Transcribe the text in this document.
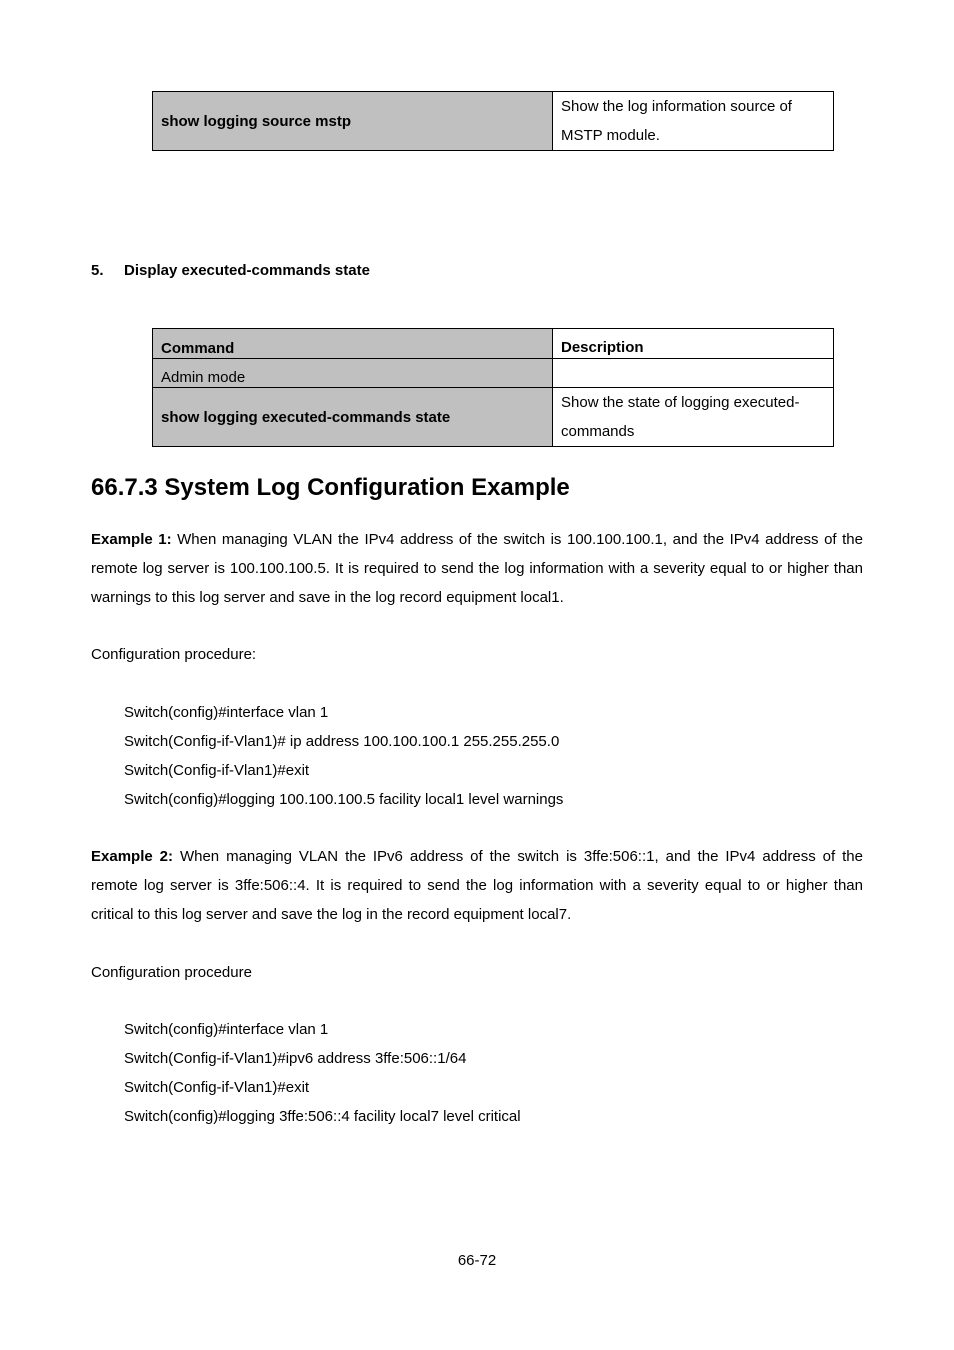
show logging source mstp	Show the log information source of MSTP module.
5. Display executed-commands state
Command	Description
Admin mode	
show logging executed-commands state	Show the state of logging executed-commands
66.7.3 System Log Configuration Example

Example 1: When managing VLAN the IPv4 address of the switch is 100.100.100.1, and the IPv4 address of the remote log server is 100.100.100.5. It is required to send the log information with a severity equal to or higher than warnings to this log server and save in the log record equipment local1.

Configuration procedure:
Switch(config)#interface vlan 1
Switch(Config-if-Vlan1)# ip address 100.100.100.1 255.255.255.0
Switch(Config-if-Vlan1)#exit
Switch(config)#logging 100.100.100.5 facility local1 level warnings

Example 2: When managing VLAN the IPv6 address of the switch is 3ffe:506::1, and the IPv4 address of the remote log server is 3ffe:506::4. It is required to send the log information with a severity equal to or higher than critical to this log server and save the log in the record equipment local7.

Configuration procedure
Switch(config)#interface vlan 1
Switch(Config-if-Vlan1)#ipv6 address 3ffe:506::1/64
Switch(Config-if-Vlan1)#exit
Switch(config)#logging 3ffe:506::4 facility local7 level critical
66-72
